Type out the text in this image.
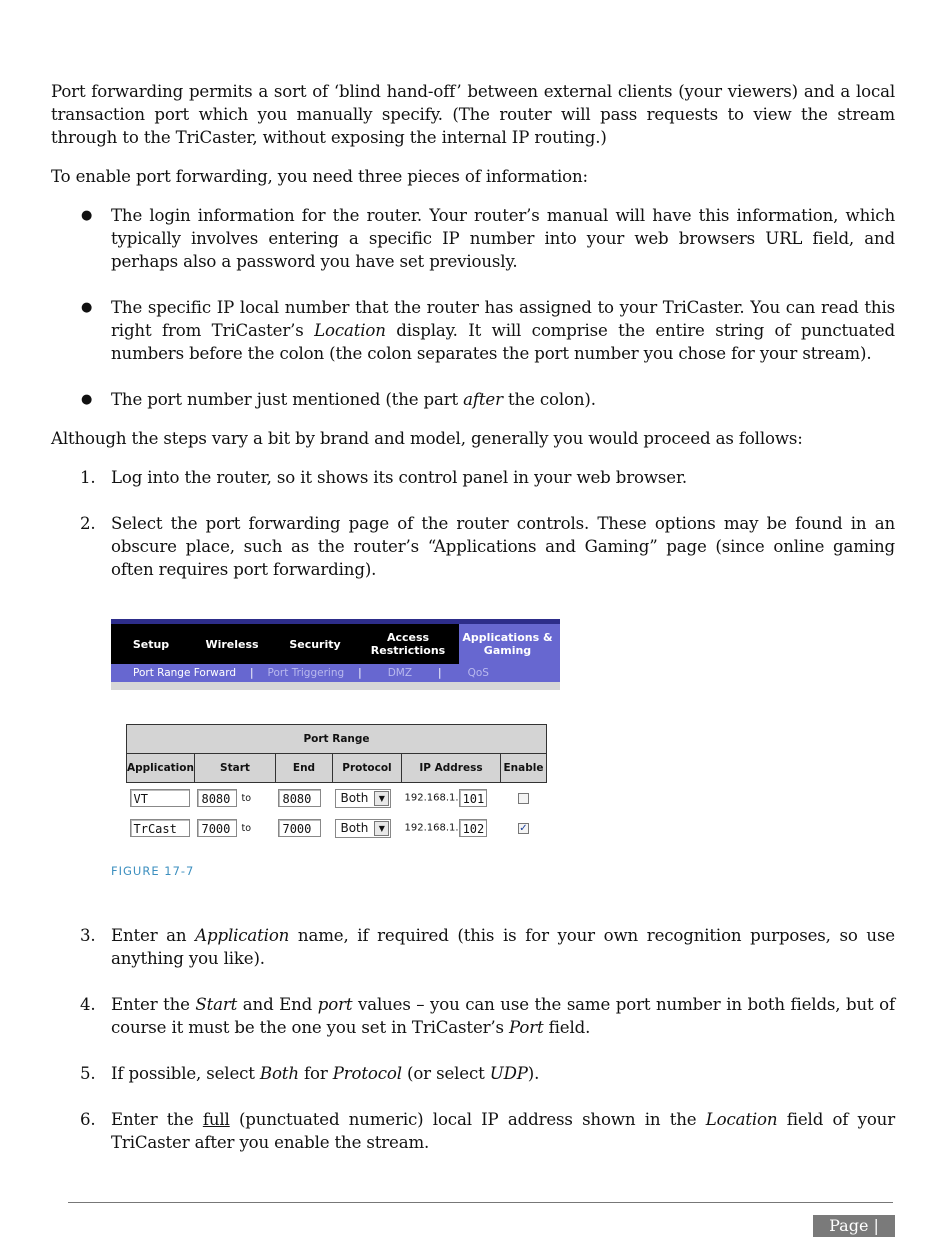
Port forwarding permits a sort of ‘blind hand-off’ between external clients (your viewers) and a local transaction port which you manually specify. (The router will pass requests to view the stream through to the TriCaster, without exposing the internal IP routing.)

To enable port forwarding, you need three pieces of information:

● The login information for the router. Your router’s manual will have this information, which typically involves entering a specific IP number into your web browsers URL field, and perhaps also a password you have set previously.
● The specific IP local number that the router has assigned to your TriCaster. You can read this right from TriCaster’s Location display. It will comprise the entire string of punctuated numbers before the colon (the colon separates the port number you chose for your stream).
● The port number just mentioned (the part after the colon).

Although the steps vary a bit by brand and model, generally you would proceed as follows:

1. Log into the router, so it shows its control panel in your web browser.
2. Select the port forwarding page of the router controls. These options may be found in an obscure place, such as the router’s “Applications and Gaming” page (since online gaming often requires port forwarding).
Setup	Wireless	Security	Access Restrictions
Applications & Gaming
Port Range Forward | Port Triggering | DMZ | QoS
Port Range					
Application	Start	End	Protocol	IP Address	Enable
VT	8080 to	8080	Both ▼	192.168.1. 101	
TrCast	7000 to	7000	Both ▼	192.168.1. 102	✓
FIGURE 17-7
3. Enter an Application name, if required (this is for your own recognition purposes, so use anything you like).
4. Enter the Start and End port values – you can use the same port number in both fields, but of course it must be the one you set in TriCaster’s Port field.
5. If possible, select Both for Protocol (or select UDP).
6. Enter the full (punctuated numeric) local IP address shown in the Location field of your TriCaster after you enable the stream.
Page | 185
